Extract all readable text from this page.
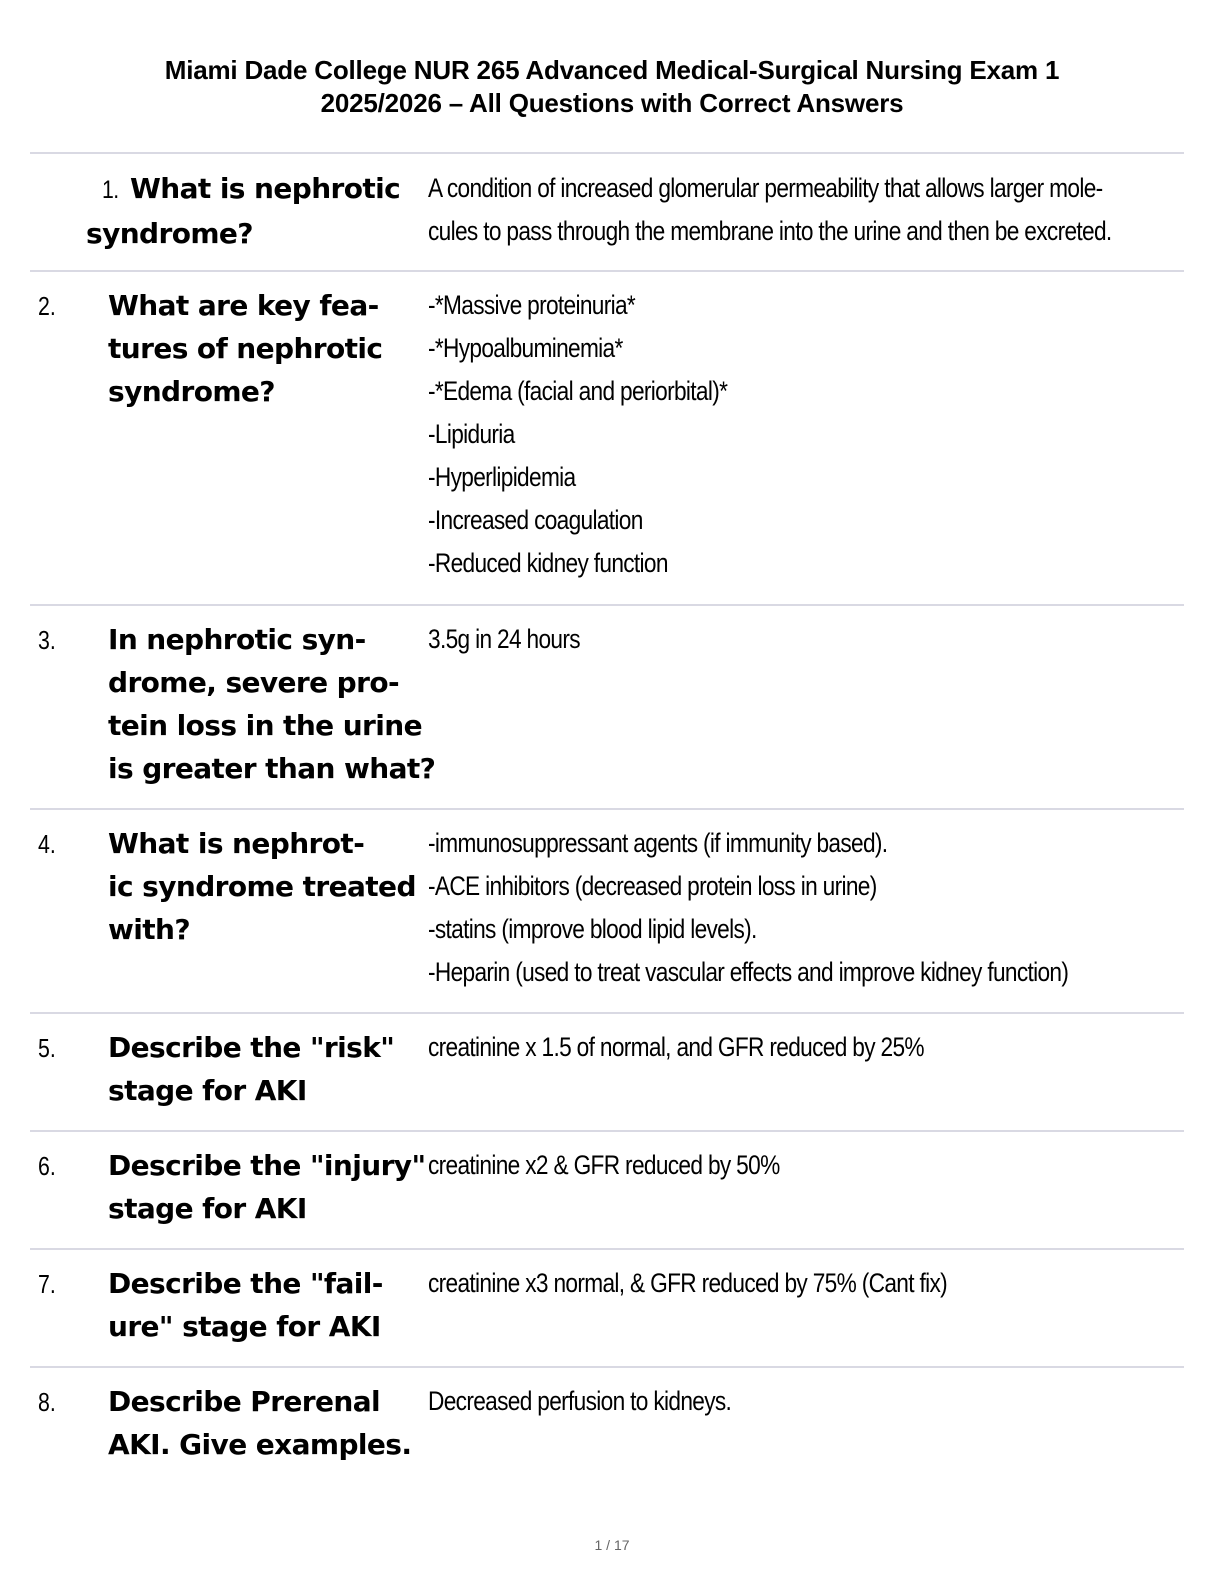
Miami Dade College NUR 265 Advanced Medical-Surgical Nursing Exam 1
2025/2026 – All Questions with Correct Answers
1. What is nephrotic
syndrome?
A condition of increased glomerular permeability that allows larger mole-
cules to pass through the membrane into the urine and then be excreted.
2. What are key fea-
tures of nephrotic
syndrome?
-*Massive proteinuria*
-*Hypoalbuminemia*
-*Edema (facial and periorbital)*
-Lipiduria
-Hyperlipidemia
-Increased coagulation
-Reduced kidney function
3. In nephrotic syn-
drome, severe pro-
tein loss in the urine
is greater than what?
3.5g in 24 hours
4. What is nephrot-
ic syndrome treated
with?
-immunosuppressant agents (if immunity based).
-ACE inhibitors (decreased protein loss in urine)
-statins (improve blood lipid levels).
-Heparin (used to treat vascular effects and improve kidney function)
5. Describe the "risk"
stage for AKI
creatinine x 1.5 of normal, and GFR reduced by 25%
6. Describe the "injury"
stage for AKI
creatinine x2 & GFR reduced by 50%
7. Describe the "fail-
ure" stage for AKI
creatinine x3 normal, & GFR reduced by 75% (Cant fix)
8. Describe Prerenal
AKI. Give examples.
Decreased perfusion to kidneys.
1 / 17
